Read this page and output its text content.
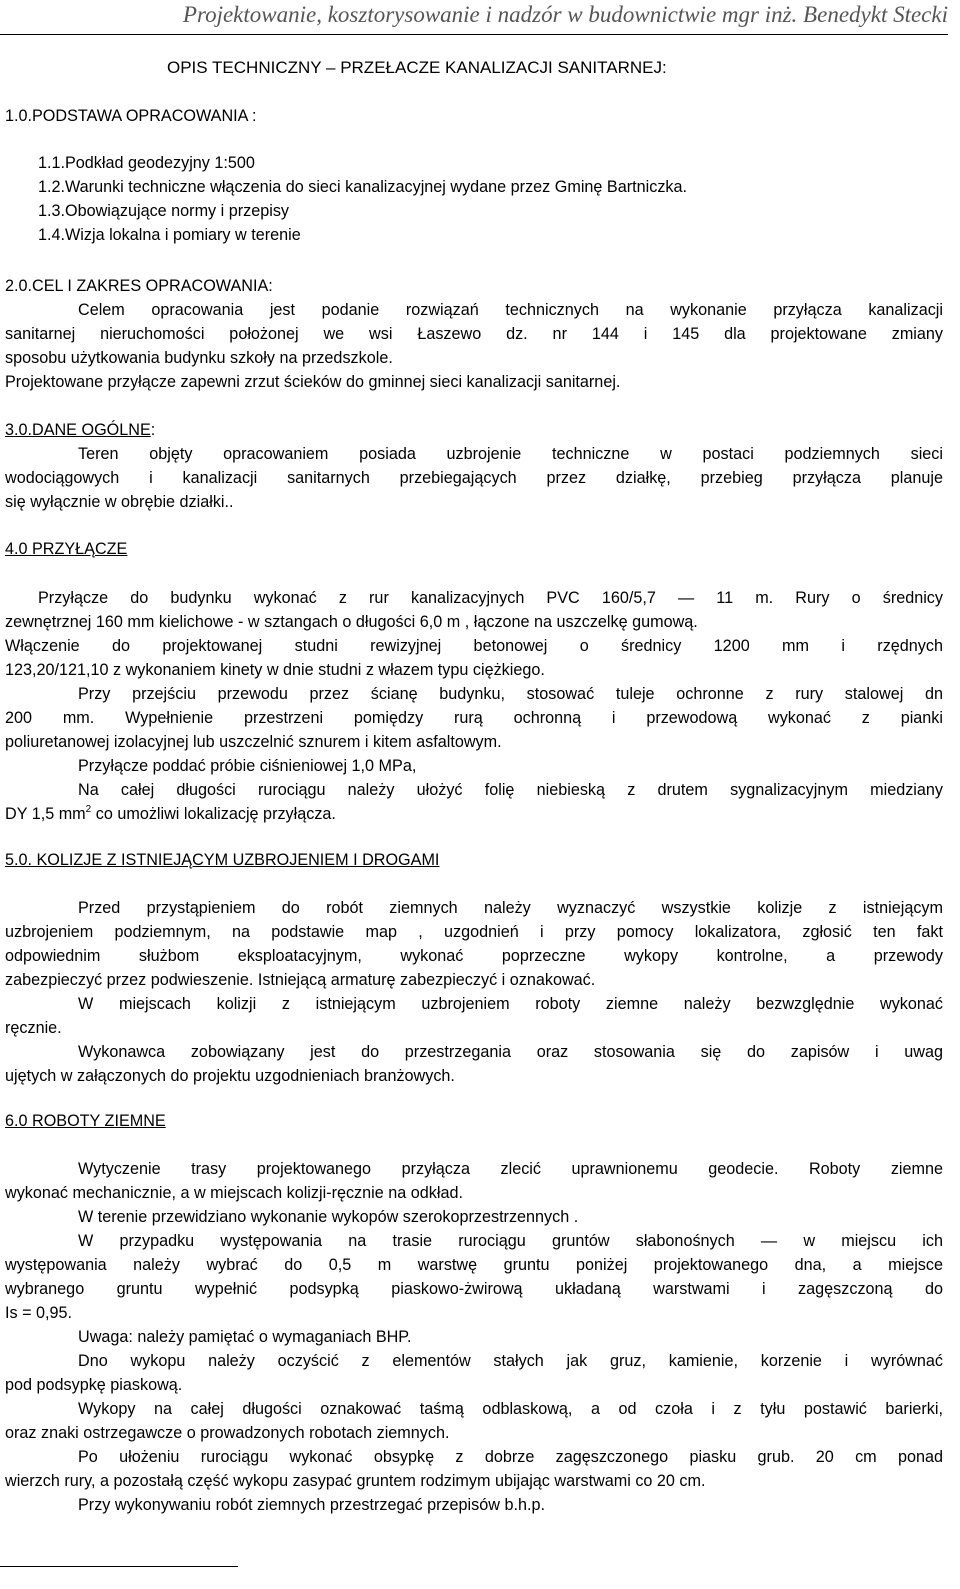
Projektowanie, kosztorysowanie i nadzór w budownictwie mgr inż. Benedykt Stecki
OPIS TECHNICZNY – PRZEŁACZE KANALIZACJI SANITARNEJ:
1.0.PODSTAWA OPRACOWANIA :
1.1.Podkład geodezyjny 1:500
1.2.Warunki techniczne włączenia do sieci kanalizacyjnej wydane przez Gminę Bartniczka.
1.3.Obowiązujące normy i przepisy
1.4.Wizja lokalna i pomiary w terenie
2.0.CEL I ZAKRES OPRACOWANIA:
Celem opracowania jest podanie rozwiązań technicznych na wykonanie przyłącza kanalizacji
sanitarnej nieruchomości położonej we wsi Łaszewo dz. nr 144 i 145 dla projektowane zmiany
sposobu użytkowania budynku szkoły na przedszkole.
Projektowane przyłącze zapewni zrzut ścieków do gminnej sieci kanalizacji sanitarnej.
3.0.DANE OGÓLNE:
Teren objęty opracowaniem posiada uzbrojenie techniczne w postaci podziemnych sieci
wodociągowych i kanalizacji sanitarnych przebiegających przez działkę, przebieg przyłącza planuje
się wyłącznie w obrębie działki..
4.0 PRZYŁĄCZE
Przyłącze do budynku wykonać z rur kanalizacyjnych PVC 160/5,7 — 11 m. Rury o średnicy
zewnętrznej 160 mm kielichowe - w sztangach o długości 6,0 m , łączone na uszczelkę gumową.
Włączenie do projektowanej studni rewizyjnej betonowej o średnicy 1200 mm i rzędnych
123,20/121,10 z wykonaniem kinety w dnie studni z włazem typu ciężkiego.
Przy przejściu przewodu przez ścianę budynku, stosować tuleje ochronne z rury stalowej dn
200 mm. Wypełnienie przestrzeni pomiędzy rurą ochronną i przewodową wykonać z pianki
poliuretanowej izolacyjnej lub uszczelnić sznurem i kitem asfaltowym.
Przyłącze poddać próbie ciśnieniowej 1,0 MPa,
Na całej długości rurociągu należy ułożyć folię niebieską z drutem sygnalizacyjnym miedziany
DY 1,5 $mm^2$ co umożliwi lokalizację przyłącza.
5.0. KOLIZJE Z ISTNIEJĄCYM UZBROJENIEM I DROGAMI
Przed przystąpieniem do robót ziemnych należy wyznaczyć wszystkie kolizje z istniejącym
uzbrojeniem podziemnym, na podstawie map , uzgodnień i przy pomocy lokalizatora, zgłosić ten fakt
odpowiednim służbom eksploatacyjnym, wykonać poprzeczne wykopy kontrolne, a przewody
zabezpieczyć przez podwieszenie. Istniejącą armaturę zabezpieczyć i oznakować.
W miejscach kolizji z istniejącym uzbrojeniem roboty ziemne należy bezwzględnie wykonać
ręcznie.
Wykonawca zobowiązany jest do przestrzegania oraz stosowania się do zapisów i uwag
ujętych w załączonych do projektu uzgodnieniach branżowych.
6.0 ROBOTY ZIEMNE
Wytyczenie trasy projektowanego przyłącza zlecić uprawnionemu geodecie. Roboty ziemne
wykonać mechanicznie, a w miejscach kolizji-ręcznie na odkład.
W terenie przewidziano wykonanie wykopów szerokoprzestrzennych .
W przypadku występowania na trasie rurociągu gruntów słabonośnych — w miejscu ich
występowania należy wybrać do 0,5 m warstwę gruntu poniżej projektowanego dna, a miejsce
wybranego gruntu wypełnić podsypką piaskowo-żwirową układaną warstwami i zagęszczoną do
Is = 0,95.
Uwaga: należy pamiętać o wymaganiach BHP.
Dno wykopu należy oczyścić z elementów stałych jak gruz, kamienie, korzenie i wyrównać
pod podsypkę piaskową.
Wykopy na całej długości oznakować taśmą odblaskową, a od czoła i z tyłu postawić barierki,
oraz znaki ostrzegawcze o prowadzonych robotach ziemnych.
Po ułożeniu rurociągu wykonać obsypkę z dobrze zagęszczonego piasku grub. 20 cm ponad
wierzch rury, a pozostałą część wykopu zasypać gruntem rodzimym ubijając warstwami co 20 cm.
Przy wykonywaniu robót ziemnych przestrzegać przepisów b.h.p.
